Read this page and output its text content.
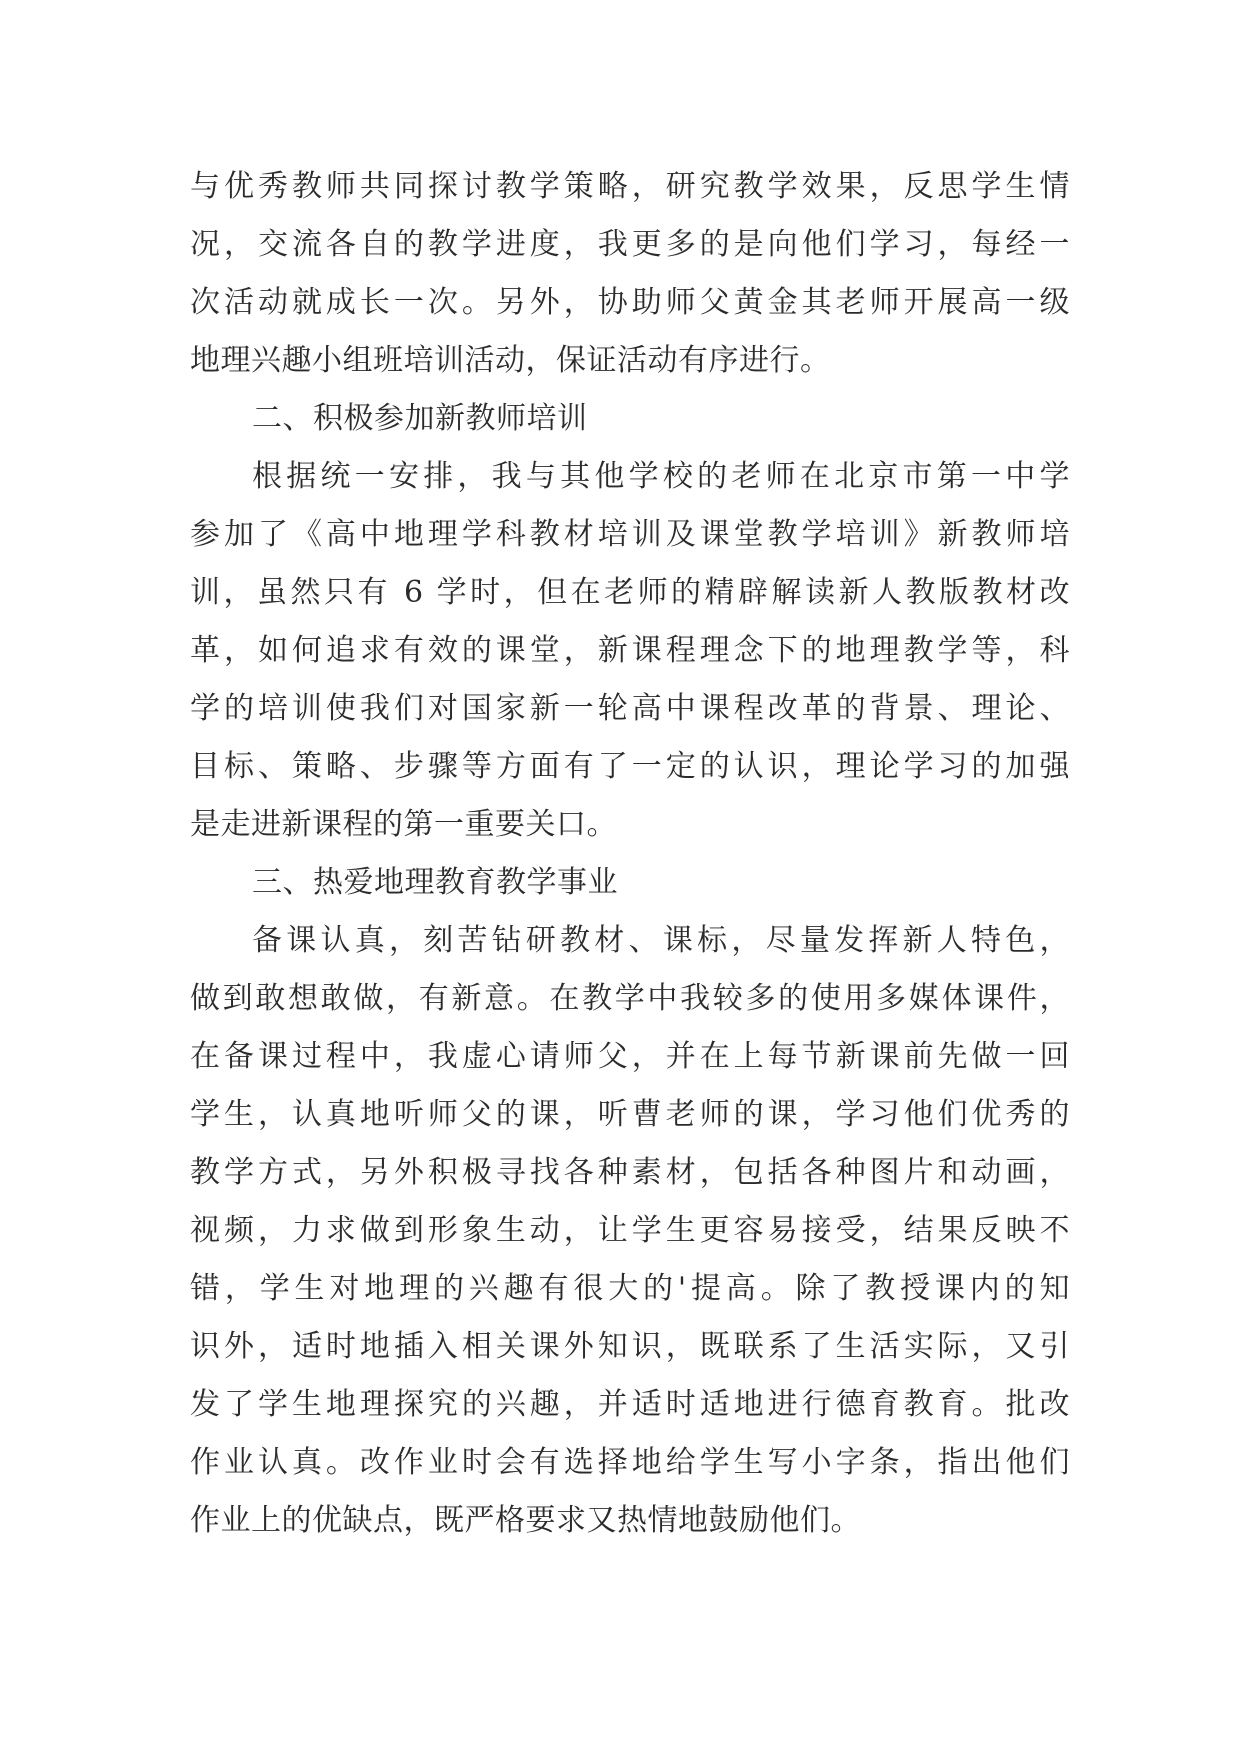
与优秀教师共同探讨教学策略，研究教学效果，反思学生情
况，交流各自的教学进度，我更多的是向他们学习，每经一
次活动就成长一次。另外，协助师父黄金其老师开展高一级
地理兴趣小组班培训活动，保证活动有序进行。
二、积极参加新教师培训
根据统一安排，我与其他学校的老师在北京市第一中学
参加了《高中地理学科教材培训及课堂教学培训》新教师培
训，虽然只有 6 学时，但在老师的精辟解读新人教版教材改
革，如何追求有效的课堂，新课程理念下的地理教学等，科
学的培训使我们对国家新一轮高中课程改革的背景、理论、
目标、策略、步骤等方面有了一定的认识，理论学习的加强
是走进新课程的第一重要关口。
三、热爱地理教育教学事业
备课认真，刻苦钻研教材、课标，尽量发挥新人特色，
做到敢想敢做，有新意。在教学中我较多的使用多媒体课件，
在备课过程中，我虚心请师父，并在上每节新课前先做一回
学生，认真地听师父的课，听曹老师的课，学习他们优秀的
教学方式，另外积极寻找各种素材，包括各种图片和动画，
视频，力求做到形象生动，让学生更容易接受，结果反映不
错，学生对地理的兴趣有很大的'提高。除了教授课内的知
识外，适时地插入相关课外知识，既联系了生活实际，又引
发了学生地理探究的兴趣，并适时适地进行德育教育。批改
作业认真。改作业时会有选择地给学生写小字条，指出他们
作业上的优缺点，既严格要求又热情地鼓励他们。
